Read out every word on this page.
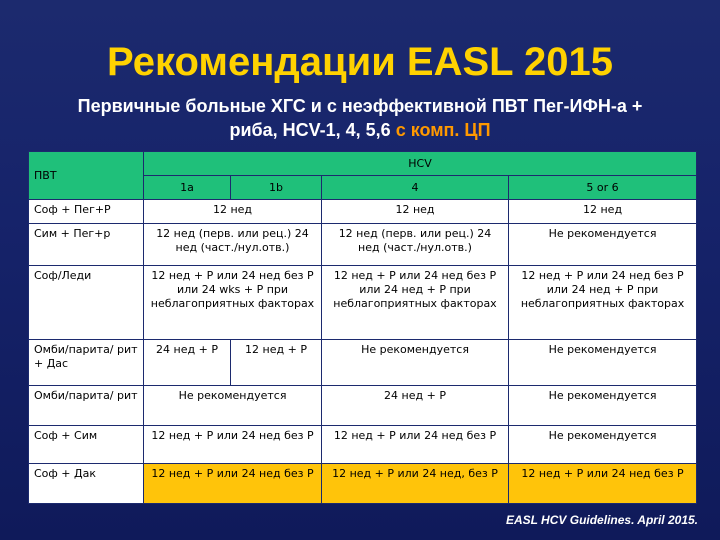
Рекомендации EASL 2015
Первичные больные ХГС и с неэффективной ПВТ Пег-ИФН-а +
риба, HCV-1, 4, 5,6 с комп. ЦП
ПВТ	HCV			
	1a	1b	4	5 or 6
Соф + Пег+Р	12 нед		12 нед	12 нед
Сим + Пег+р	12 нед (перв. или рец.) 24 нед (част./нул.отв.)		12 нед (перв. или рец.) 24 нед (част./нул.отв.)	Не рекомендуется
Соф/Леди	12 нед + Р или 24 нед без Р или 24 wks + Р при неблагоприятных факторах		12 нед + Р или 24 нед без Р или 24 нед + Р при неблагоприятных факторах	12 нед + Р или 24 нед без Р или 24 нед + Р при неблагоприятных факторах
Омби/парита/ рит + Дас	24 нед + Р	12 нед + Р	Не рекомендуется	Не рекомендуется
Омби/парита/ рит	Не рекомендуется		24 нед + Р	Не рекомендуется
Соф + Сим	12 нед + Р или 24 нед без Р		12 нед + Р или 24 нед без Р	Не рекомендуется
Соф + Дак	12 нед + Р или 24 нед без Р		12 нед + Р или 24 нед, без Р	12 нед + Р или 24 нед без Р
EASL HCV Guidelines. April 2015.
